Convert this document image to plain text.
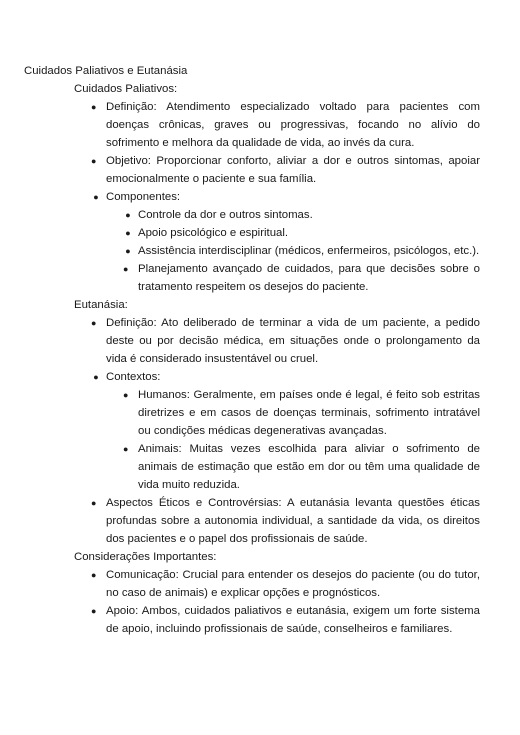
Cuidados Paliativos e Eutanásia
Cuidados Paliativos:
● Definição: Atendimento especializado voltado para pacientes com doenças crônicas, graves ou progressivas, focando no alívio do sofrimento e melhora da qualidade de vida, ao invés da cura.
● Objetivo: Proporcionar conforto, aliviar a dor e outros sintomas, apoiar emocionalmente o paciente e sua família.
● Componentes:
● Controle da dor e outros sintomas.
● Apoio psicológico e espiritual.
● Assistência interdisciplinar (médicos, enfermeiros, psicólogos, etc.).
● Planejamento avançado de cuidados, para que decisões sobre o tratamento respeitem os desejos do paciente.
Eutanásia:
● Definição: Ato deliberado de terminar a vida de um paciente, a pedido deste ou por decisão médica, em situações onde o prolongamento da vida é considerado insustentável ou cruel.
● Contextos:
● Humanos: Geralmente, em países onde é legal, é feito sob estritas diretrizes e em casos de doenças terminais, sofrimento intratável ou condições médicas degenerativas avançadas.
● Animais: Muitas vezes escolhida para aliviar o sofrimento de animais de estimação que estão em dor ou têm uma qualidade de vida muito reduzida.
● Aspectos Éticos e Controvérsias: A eutanásia levanta questões éticas profundas sobre a autonomia individual, a santidade da vida, os direitos dos pacientes e o papel dos profissionais de saúde.
Considerações Importantes:
● Comunicação: Crucial para entender os desejos do paciente (ou do tutor, no caso de animais) e explicar opções e prognósticos.
● Apoio: Ambos, cuidados paliativos e eutanásia, exigem um forte sistema de apoio, incluindo profissionais de saúde, conselheiros e familiares.
